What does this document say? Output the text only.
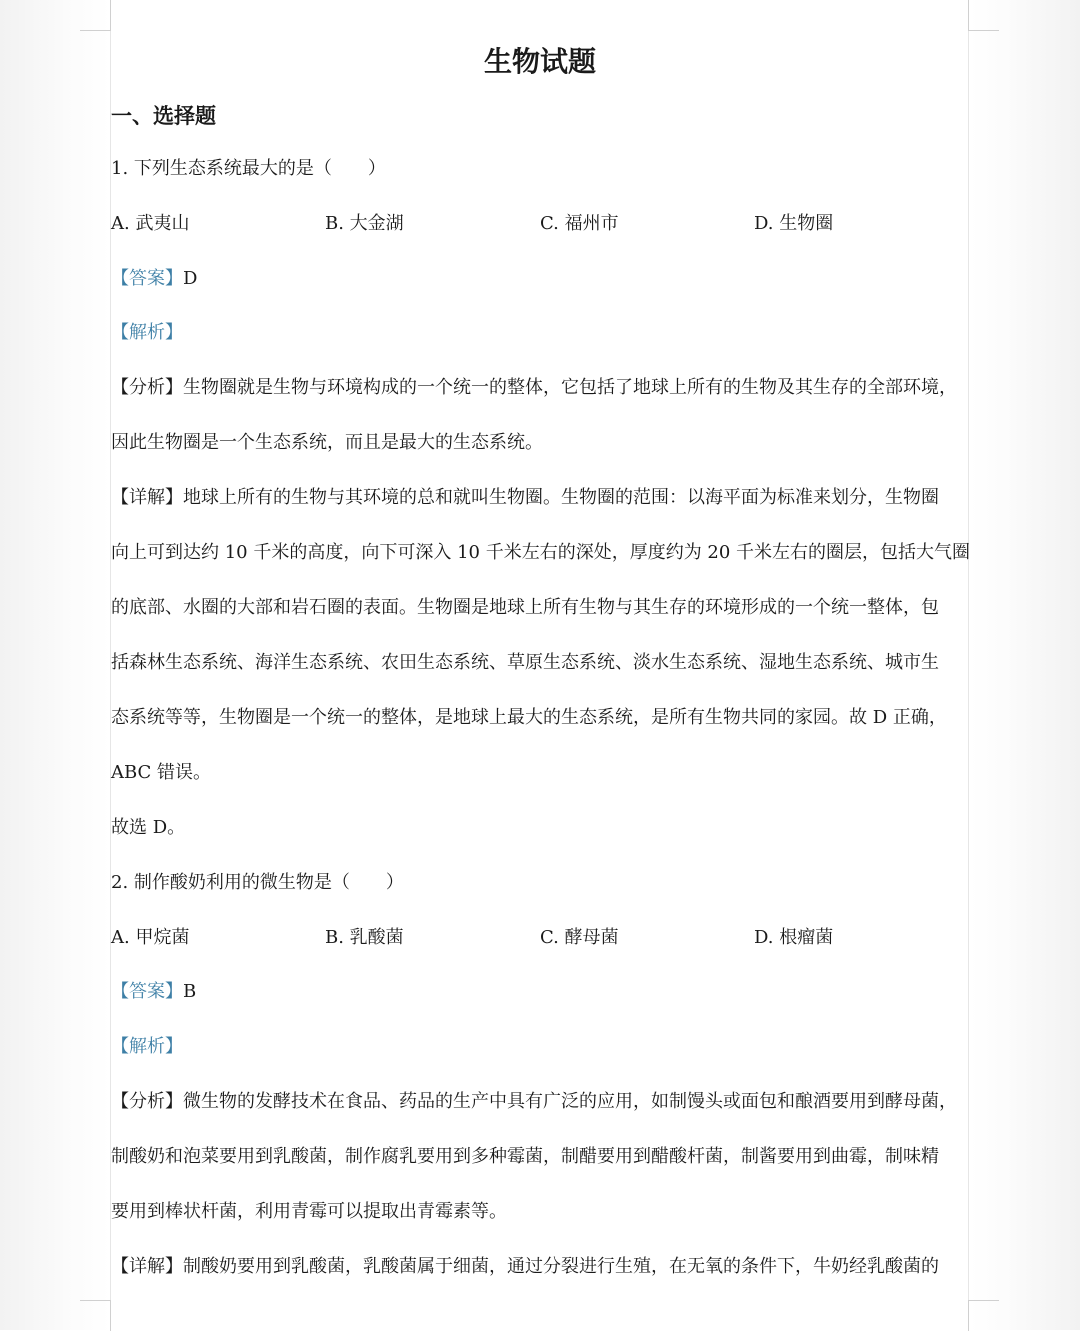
生物试题
一、选择题
1. 下列生态系统最大的是（　　）
A. 武夷山	B. 大金湖	C. 福州市	D. 生物圈
【答案】D
【解析】
【分析】生物圈就是生物与环境构成的一个统一的整体，它包括了地球上所有的生物及其生存的全部环境，
因此生物圈是一个生态系统，而且是最大的生态系统。
【详解】地球上所有的生物与其环境的总和就叫生物圈。生物圈的范围：以海平面为标准来划分，生物圈
向上可到达约 10 千米的高度，向下可深入 10 千米左右的深处，厚度约为 20 千米左右的圈层，包括大气圈
的底部、水圈的大部和岩石圈的表面。生物圈是地球上所有生物与其生存的环境形成的一个统一整体，包
括森林生态系统、海洋生态系统、农田生态系统、草原生态系统、淡水生态系统、湿地生态系统、城市生
态系统等等，生物圈是一个统一的整体，是地球上最大的生态系统，是所有生物共同的家园。故 D 正确，
ABC 错误。
故选 D。
2. 制作酸奶利用的微生物是（　　）
A. 甲烷菌	B. 乳酸菌	C. 酵母菌	D. 根瘤菌
【答案】B
【解析】
【分析】微生物的发酵技术在食品、药品的生产中具有广泛的应用，如制馒头或面包和酿酒要用到酵母菌，
制酸奶和泡菜要用到乳酸菌，制作腐乳要用到多种霉菌，制醋要用到醋酸杆菌，制酱要用到曲霉，制味精
要用到棒状杆菌，利用青霉可以提取出青霉素等。
【详解】制酸奶要用到乳酸菌，乳酸菌属于细菌，通过分裂进行生殖，在无氧的条件下，牛奶经乳酸菌的
